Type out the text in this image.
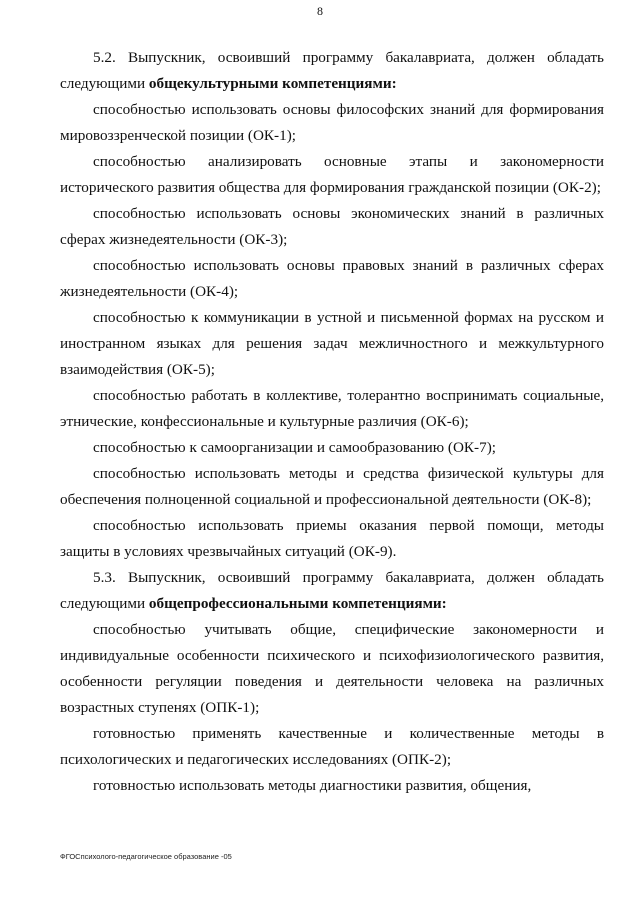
8

5.2. Выпускник, освоивший программу бакалавриата, должен обладать следующими общекультурными компетенциями:

способностью использовать основы философских знаний для формирования мировоззренческой позиции (ОК-1);

способностью анализировать основные этапы и закономерности исторического развития общества для формирования гражданской позиции (ОК-2);

способностью использовать основы экономических знаний в различных сферах жизнедеятельности (ОК-3);

способностью использовать основы правовых знаний в различных сферах жизнедеятельности (ОК-4);

способностью к коммуникации в устной и письменной формах на русском и иностранном языках для решения задач межличностного и межкультурного взаимодействия (ОК-5);

способностью работать в коллективе, толерантно воспринимать социальные, этнические, конфессиональные и культурные различия (ОК-6);

способностью к самоорганизации и самообразованию (ОК-7);

способностью использовать методы и средства физической культуры для обеспечения полноценной социальной и профессиональной деятельности (ОК-8);

способностью использовать приемы оказания первой помощи, методы защиты в условиях чрезвычайных ситуаций (ОК-9).

5.3. Выпускник, освоивший программу бакалавриата, должен обладать следующими общепрофессиональными компетенциями:

способностью учитывать общие, специфические закономерности и индивидуальные особенности психического и психофизиологического развития, особенности регуляции поведения и деятельности человека на различных возрастных ступенях (ОПК-1);

готовностью применять качественные и количественные методы в психологических и педагогических исследованиях (ОПК-2);

готовностью использовать методы диагностики развития, общения,

ФГОСпсихолого-педагогическое образование -05
